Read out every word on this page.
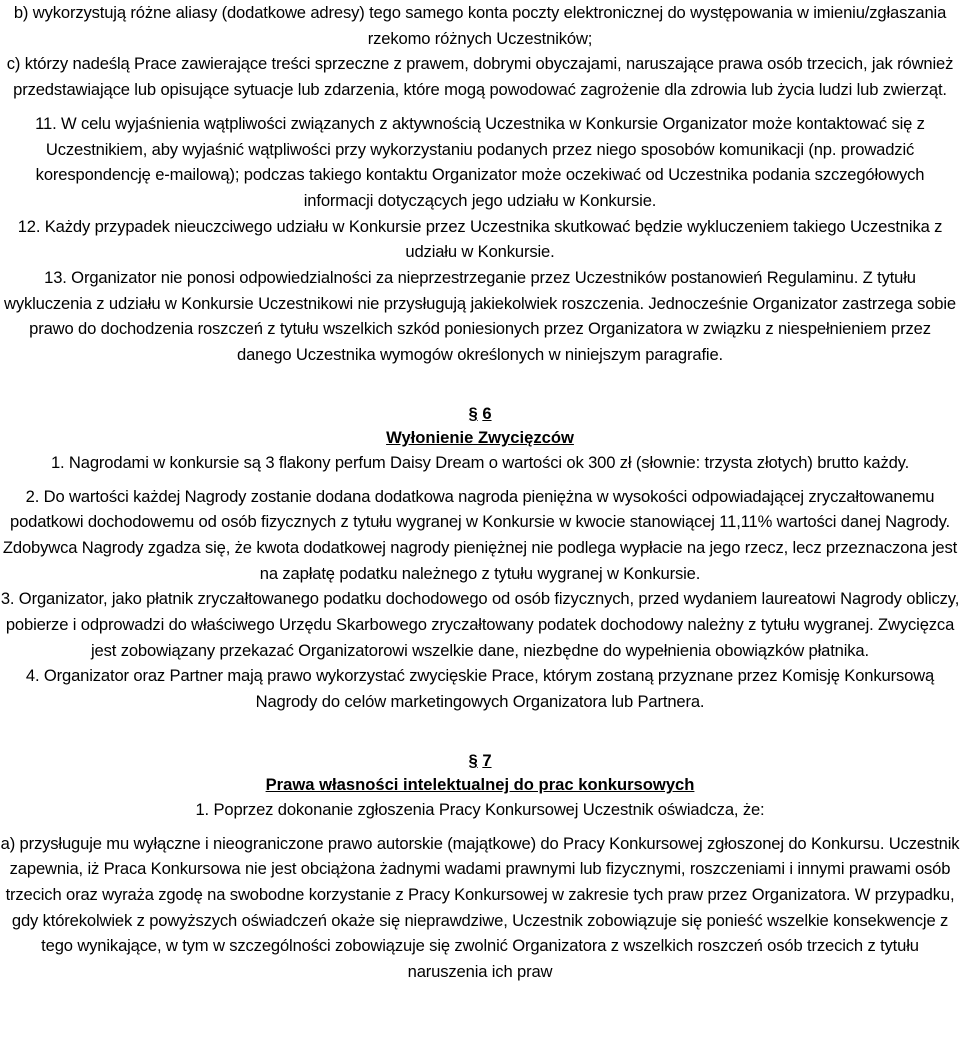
b) wykorzystują różne aliasy (dodatkowe adresy) tego samego konta poczty elektronicznej do występowania w imieniu/zgłaszania rzekomo różnych Uczestników;

c) którzy nadeślą Prace zawierające treści sprzeczne z prawem, dobrymi obyczajami, naruszające prawa osób trzecich, jak również przedstawiające lub opisujące sytuacje lub zdarzenia, które mogą powodować zagrożenie dla zdrowia lub życia ludzi lub zwierząt.

11. W celu wyjaśnienia wątpliwości związanych z aktywnością Uczestnika w Konkursie Organizator może kontaktować się z Uczestnikiem, aby wyjaśnić wątpliwości przy wykorzystaniu podanych przez niego sposobów komunikacji (np. prowadzić korespondencję e-mailową); podczas takiego kontaktu Organizator może oczekiwać od Uczestnika podania szczegółowych informacji dotyczących jego udziału w Konkursie.

12. Każdy przypadek nieuczciwego udziału w Konkursie przez Uczestnika skutkować będzie wykluczeniem takiego Uczestnika z udziału w Konkursie.

13. Organizator nie ponosi odpowiedzialności za nieprzestrzeganie przez Uczestników postanowień Regulaminu. Z tytułu wykluczenia z udziału w Konkursie Uczestnikowi nie przysługują jakiekolwiek roszczenia. Jednocześnie Organizator zastrzega sobie prawo do dochodzenia roszczeń z tytułu wszelkich szkód poniesionych przez Organizatora w związku z niespełnieniem przez danego Uczestnika wymogów określonych w niniejszym paragrafie.

§ 6

Wyłonienie Zwycięzców

1. Nagrodami w konkursie są 3 flakony perfum Daisy Dream o wartości ok 300 zł (słownie: trzysta złotych) brutto każdy.

2. Do wartości każdej Nagrody zostanie dodana dodatkowa nagroda pieniężna w wysokości odpowiadającej zryczałtowanemu podatkowi dochodowemu od osób fizycznych z tytułu wygranej w Konkursie w kwocie stanowiącej 11,11% wartości danej Nagrody. Zdobywca Nagrody zgadza się, że kwota dodatkowej nagrody pieniężnej nie podlega wypłacie na jego rzecz, lecz przeznaczona jest na zapłatę podatku należnego z tytułu wygranej w Konkursie.

3. Organizator, jako płatnik zryczałtowanego podatku dochodowego od osób fizycznych, przed wydaniem laureatowi Nagrody obliczy, pobierze i odprowadzi do właściwego Urzędu Skarbowego zryczałtowany podatek dochodowy należny z tytułu wygranej. Zwycięzca jest zobowiązany przekazać Organizatorowi wszelkie dane, niezbędne do wypełnienia obowiązków płatnika.

4. Organizator oraz Partner mają prawo wykorzystać zwycięskie Prace, którym zostaną przyznane przez Komisję Konkursową Nagrody do celów marketingowych Organizatora lub Partnera.

§ 7

Prawa własności intelektualnej do prac konkursowych

1. Poprzez dokonanie zgłoszenia Pracy Konkursowej Uczestnik oświadcza, że:

a) przysługuje mu wyłączne i nieograniczone prawo autorskie (majątkowe) do Pracy Konkursowej zgłoszonej do Konkursu. Uczestnik zapewnia, iż Praca Konkursowa nie jest obciążona żadnymi wadami prawnymi lub fizycznymi, roszczeniami i innymi prawami osób trzecich oraz wyraża zgodę na swobodne korzystanie z Pracy Konkursowej w zakresie tych praw przez Organizatora. W przypadku, gdy którekolwiek z powyższych oświadczeń okaże się nieprawdziwe, Uczestnik zobowiązuje się ponieść wszelkie konsekwencje z tego wynikające, w tym w szczególności zobowiązuje się zwolnić Organizatora z wszelkich roszczeń osób trzecich z tytułu naruszenia ich praw
